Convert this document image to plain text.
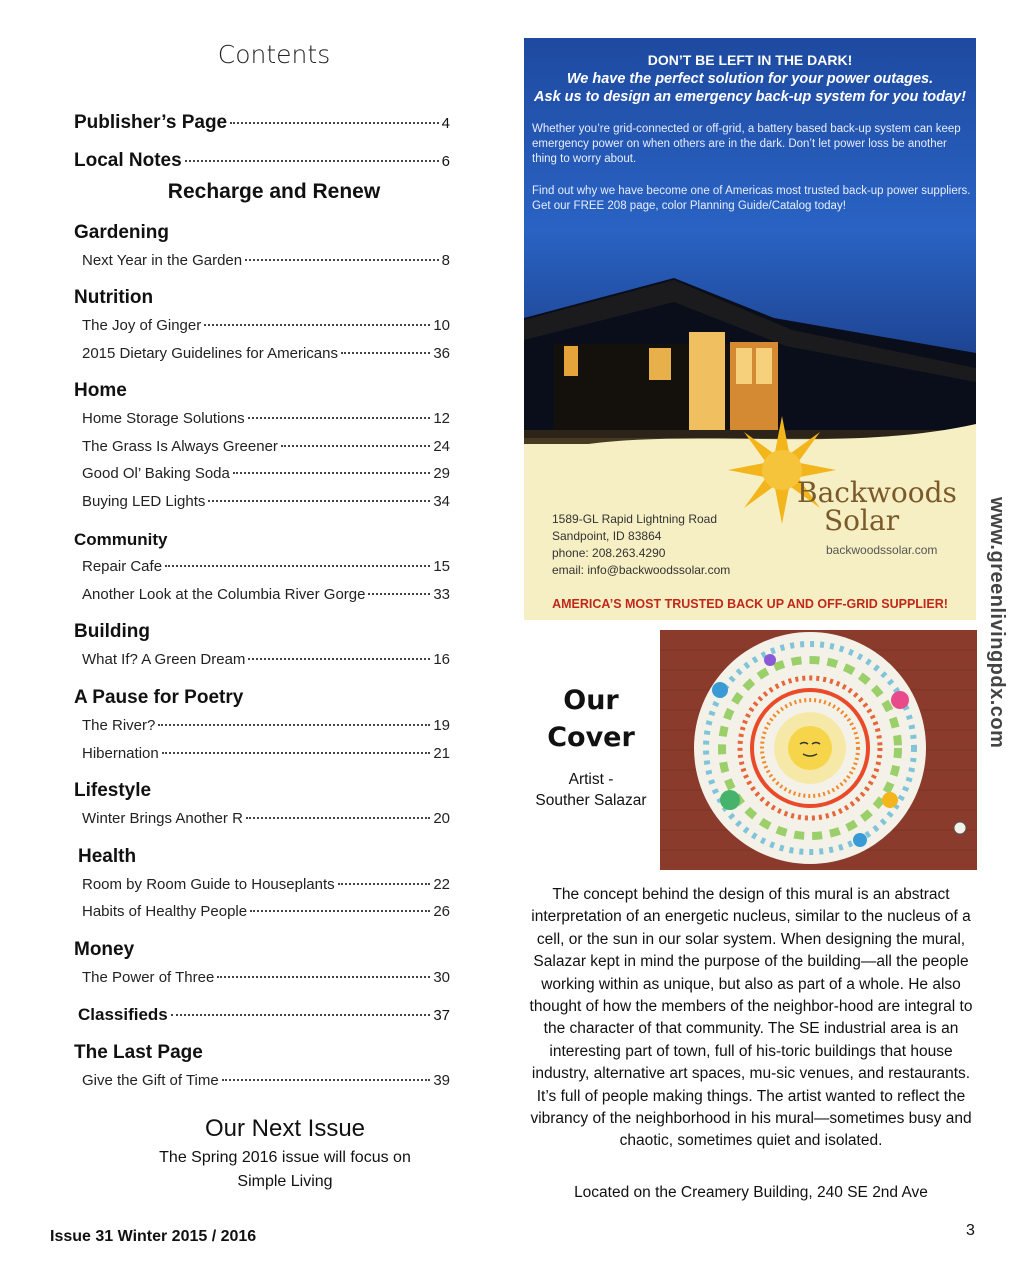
Contents
Publisher’s Page	4
Local Notes	6
Recharge and Renew
Gardening
Next Year in the Garden	8
Nutrition
The Joy of Ginger	10
2015 Dietary Guidelines for Americans	36
Home
Home Storage Solutions	12
The Grass Is Always Greener	24
Good Ol’ Baking Soda	29
Buying LED Lights	34
Community
Repair Cafe	15
Another Look at the Columbia River Gorge	33
Building
What If? A Green Dream	16
A Pause for Poetry
The River?	19
Hibernation	21
Lifestyle
Winter Brings Another R	20
Health
Room by Room Guide to Houseplants	22
Habits of Healthy People	26
Money
The Power of Three	30
Classifieds	37
The Last Page
Give the Gift of Time	39
Our Next Issue
The Spring 2016 issue will focus on
Simple Living
Issue 31 Winter 2015 / 2016	3
www.greenlivingpdx.com
DON’T BE LEFT IN THE DARK!
We have the perfect solution for your power outages.
Ask us to design an emergency back-up system for you today!
Whether you’re grid-connected or off-grid, a battery based back-up system can keep emergency power on when others are in the dark. Don’t let power loss be another thing to worry about.
Find out why we have become one of Americas most trusted back-up power suppliers. Get our FREE 208 page, color Planning Guide/Catalog today!
1589-GL Rapid Lightning Road
Sandpoint, ID 83864
phone: 208.263.4290
email: info@backwoodssolar.com
Backwoods
Solar
backwoodssolar.com
AMERICA’S MOST TRUSTED BACK UP AND OFF-GRID SUPPLIER!
Our
Cover
Artist -
Souther Salazar
The concept behind the design of this mural is an abstract interpretation of an energetic nucleus, similar to the nucleus of a cell, or the sun in our solar system. When designing the mural, Salazar kept in mind the purpose of the building—all the people working within as unique, but also as part of a whole. He also thought of how the members of the neighbor-hood are integral to the character of that community. The SE industrial area is an interesting part of town, full of his-toric buildings that house industry, alternative art spaces, mu-sic venues, and restaurants. It’s full of people making things. The artist wanted to reflect the vibrancy of the neighborhood in his mural—sometimes busy and chaotic, sometimes quiet and isolated.
Located on the Creamery Building, 240 SE 2nd Ave
